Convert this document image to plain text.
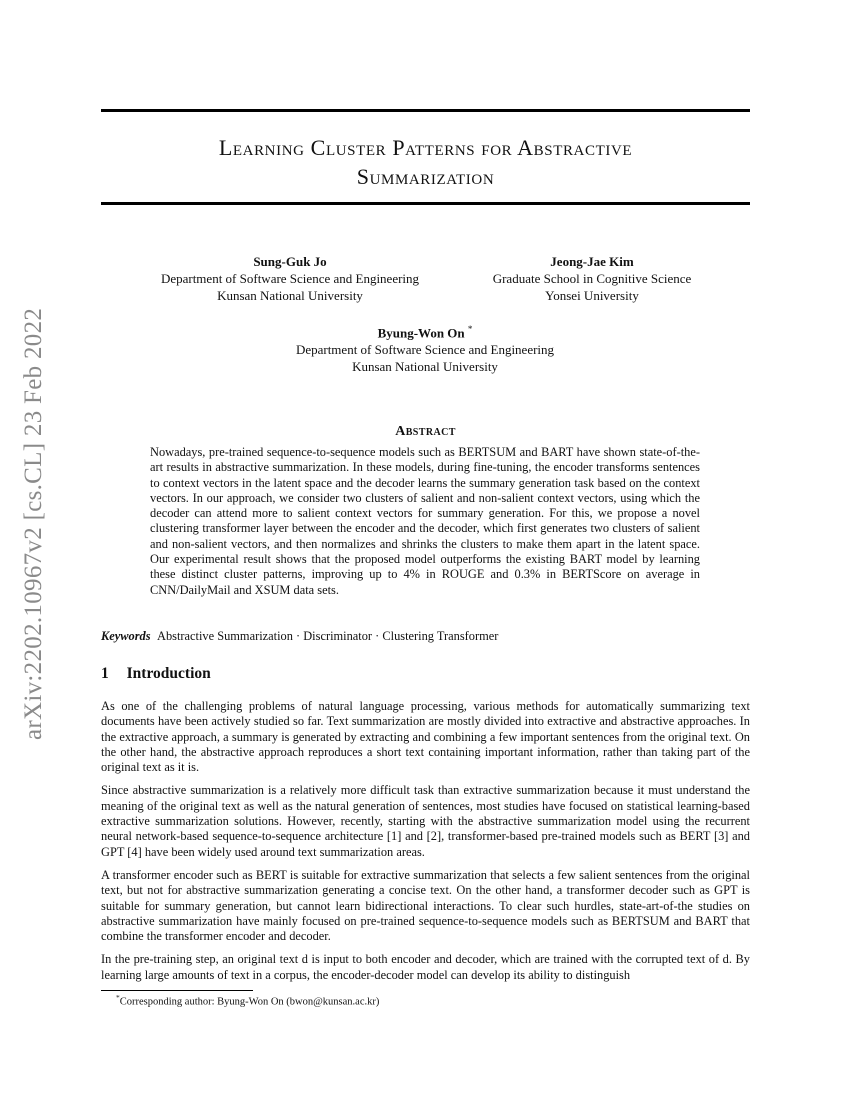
arXiv:2202.10967v2 [cs.CL] 23 Feb 2022
Learning Cluster Patterns for Abstractive
Summarization
Sung-Guk Jo
Department of Software Science and Engineering
Kunsan National University
Jeong-Jae Kim
Graduate School in Cognitive Science
Yonsei University
Byung-Won On *
Department of Software Science and Engineering
Kunsan National University
Abstract
Nowadays, pre-trained sequence-to-sequence models such as BERTSUM and BART have shown state-of-the-art results in abstractive summarization. In these models, during fine-tuning, the encoder transforms sentences to context vectors in the latent space and the decoder learns the summary generation task based on the context vectors. In our approach, we consider two clusters of salient and non-salient context vectors, using which the decoder can attend more to salient context vectors for summary generation. For this, we propose a novel clustering transformer layer between the encoder and the decoder, which first generates two clusters of salient and non-salient vectors, and then normalizes and shrinks the clusters to make them apart in the latent space. Our experimental result shows that the proposed model outperforms the existing BART model by learning these distinct cluster patterns, improving up to 4% in ROUGE and 0.3% in BERTScore on average in CNN/DailyMail and XSUM data sets.
Keywords Abstractive Summarization · Discriminator · Clustering Transformer
1 Introduction

As one of the challenging problems of natural language processing, various methods for automatically summarizing text documents have been actively studied so far. Text summarization are mostly divided into extractive and abstractive approaches. In the extractive approach, a summary is generated by extracting and combining a few important sentences from the original text. On the other hand, the abstractive approach reproduces a short text containing important information, rather than taking part of the original text as it is.

Since abstractive summarization is a relatively more difficult task than extractive summarization because it must understand the meaning of the original text as well as the natural generation of sentences, most studies have focused on statistical learning-based extractive summarization solutions. However, recently, starting with the abstractive summarization model using the recurrent neural network-based sequence-to-sequence architecture [1] and [2], transformer-based pre-trained models such as BERT [3] and GPT [4] have been widely used around text summarization areas.

A transformer encoder such as BERT is suitable for extractive summarization that selects a few salient sentences from the original text, but not for abstractive summarization generating a concise text. On the other hand, a transformer decoder such as GPT is suitable for summary generation, but cannot learn bidirectional interactions. To clear such hurdles, state-art-of-the studies on abstractive summarization have mainly focused on pre-trained sequence-to-sequence models such as BERTSUM and BART that combine the transformer encoder and decoder.

In the pre-training step, an original text d is input to both encoder and decoder, which are trained with the corrupted text of d. By learning large amounts of text in a corpus, the encoder-decoder model can develop its ability to distinguish

*Corresponding author: Byung-Won On (bwon@kunsan.ac.kr)
